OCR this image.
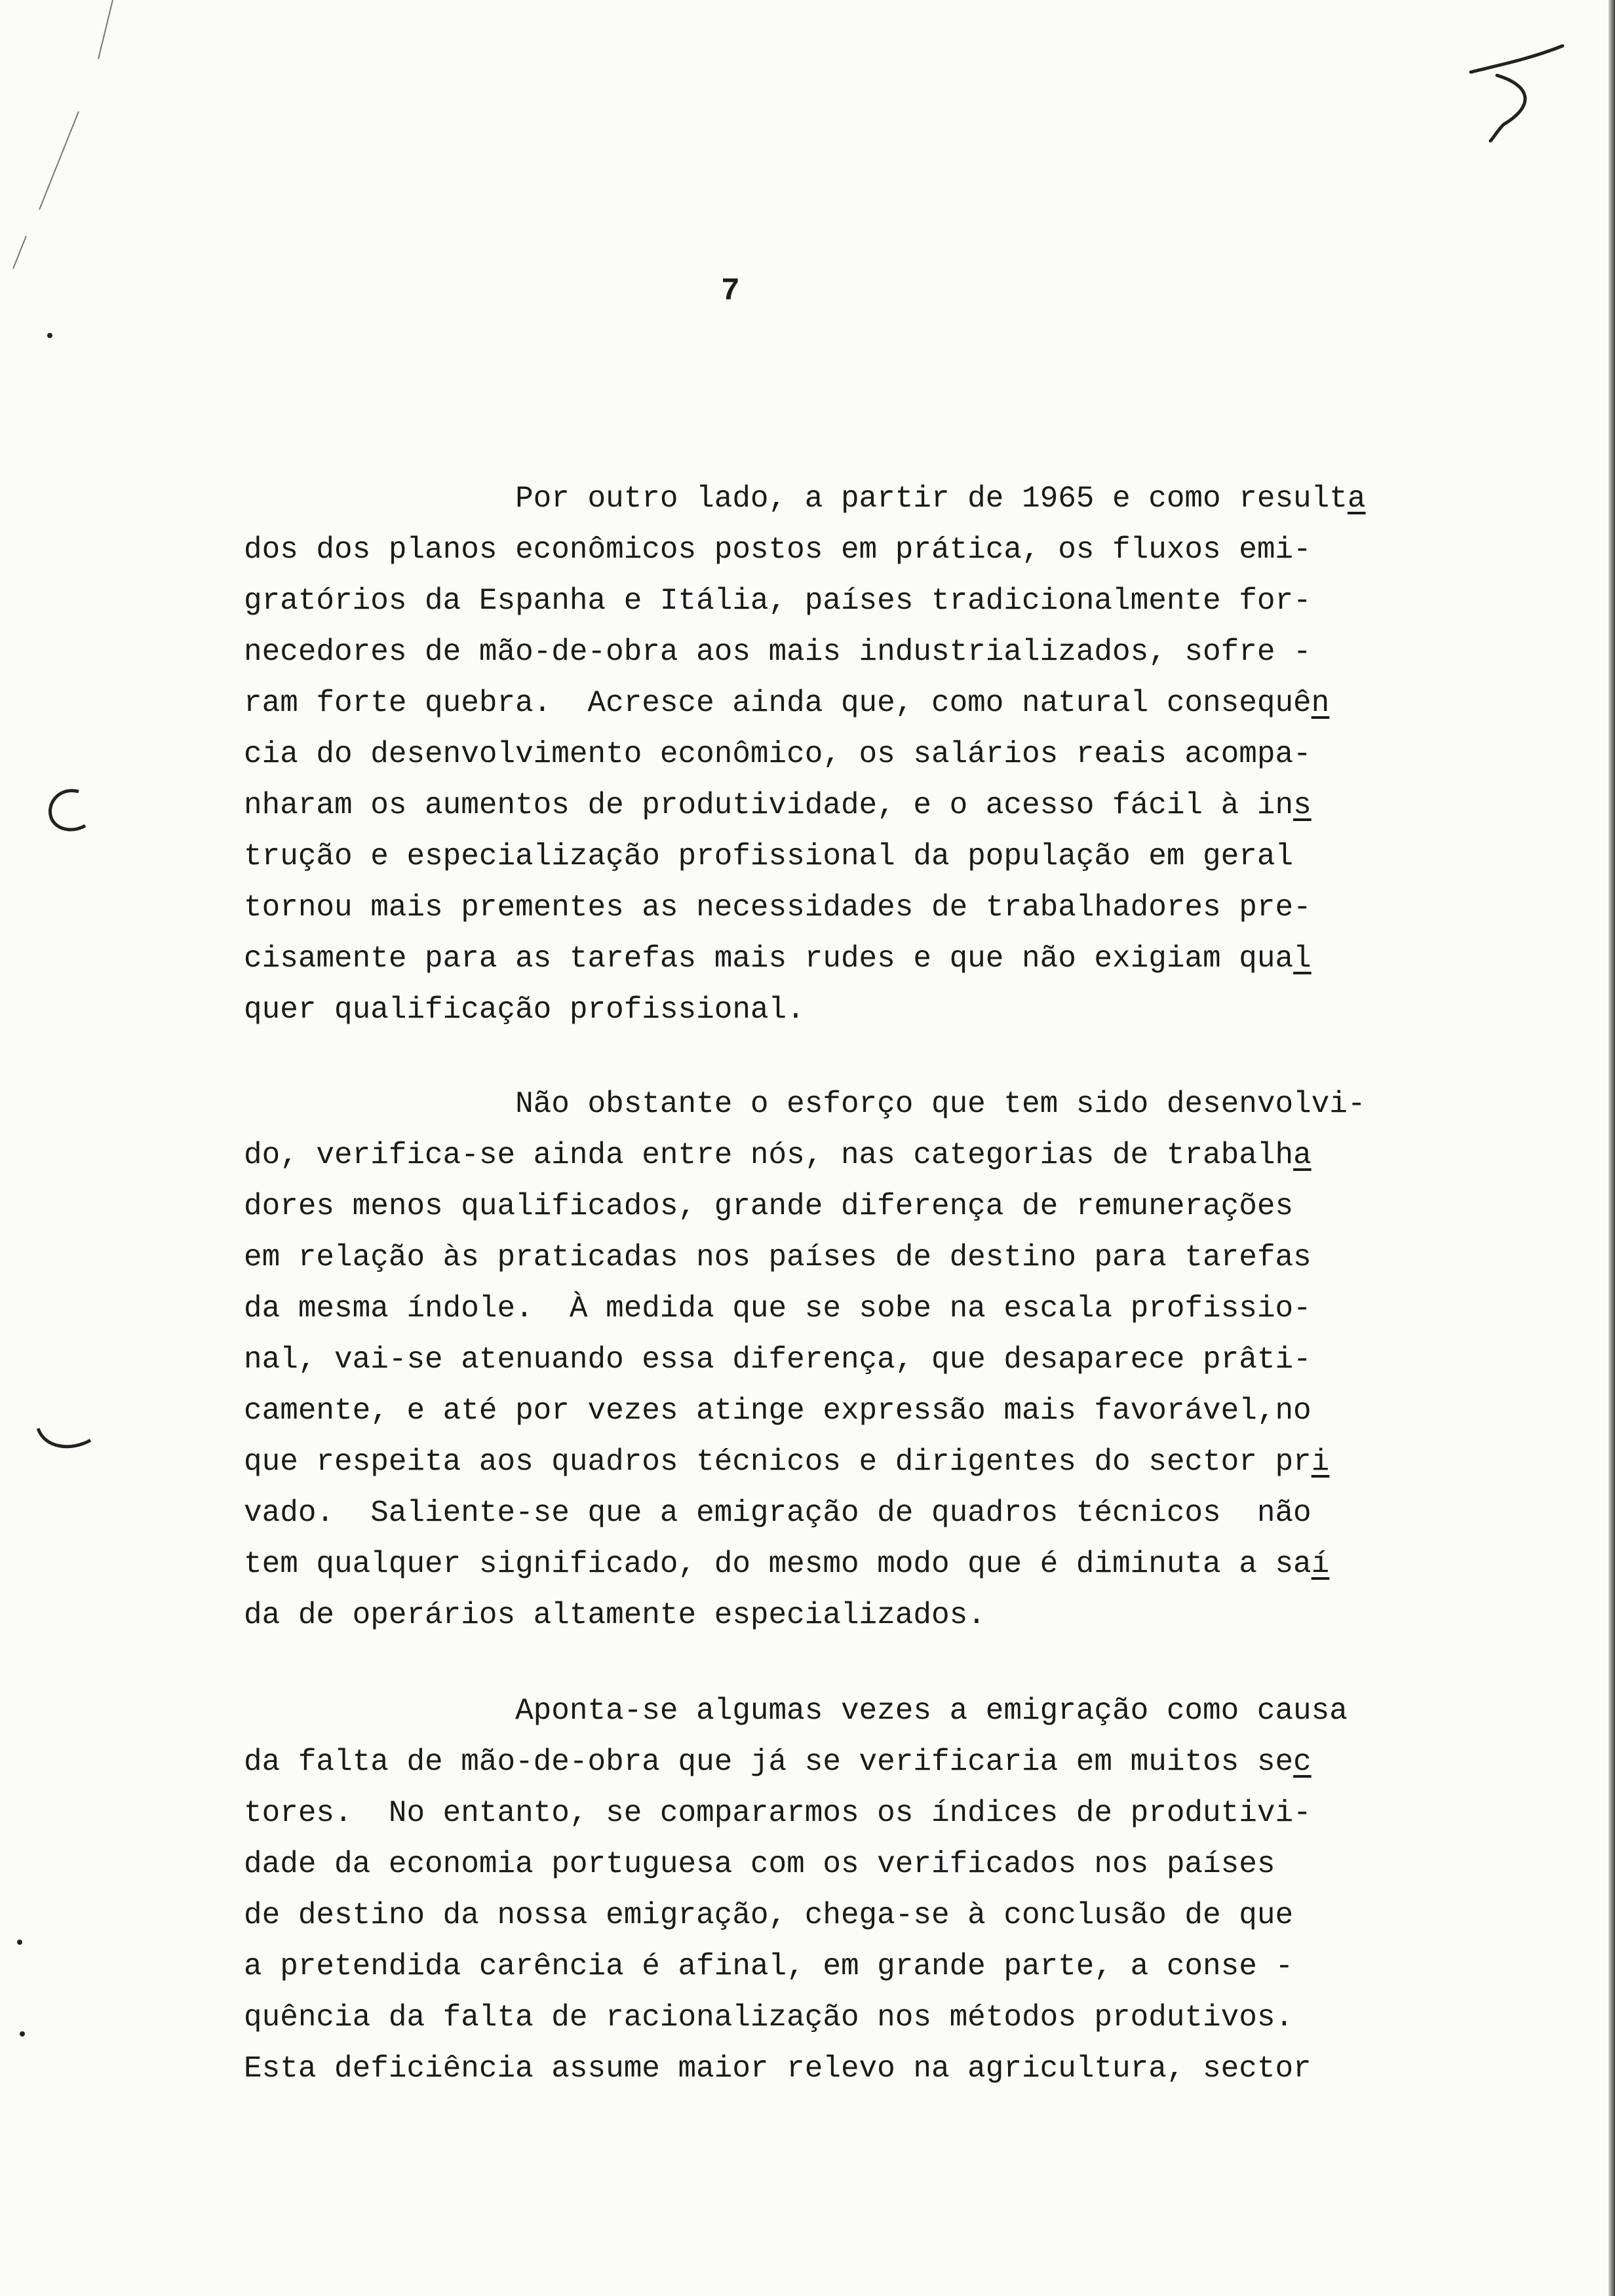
7
Por outro lado, a partir de 1965 e como resulta
dos dos planos econômicos postos em prática, os fluxos emi-
gratórios da Espanha e Itália, países tradicionalmente for-
necedores de mão-de-obra aos mais industrializados, sofre -
ram forte quebra.  Acresce ainda que, como natural consequên
cia do desenvolvimento econômico, os salários reais acompa-
nharam os aumentos de produtividade, e o acesso fácil à ins
trução e especialização profissional da população em geral
tornou mais prementes as necessidades de trabalhadores pre-
cisamente para as tarefas mais rudes e que não exigiam qual
quer qualificação profissional.
Não obstante o esforço que tem sido desenvolvi-
do, verifica-se ainda entre nós, nas categorias de trabalha
dores menos qualificados, grande diferença de remunerações
em relação às praticadas nos países de destino para tarefas
da mesma índole.  À medida que se sobe na escala profissio-
nal, vai-se atenuando essa diferença, que desaparece prâti-
camente, e até por vezes atinge expressão mais favorável,no
que respeita aos quadros técnicos e dirigentes do sector pri
vado.  Saliente-se que a emigração de quadros técnicos  não
tem qualquer significado, do mesmo modo que é diminuta a saí
da de operários altamente especializados.
Aponta-se algumas vezes a emigração como causa
da falta de mão-de-obra que já se verificaria em muitos sec
tores.  No entanto, se compararmos os índices de produtivi-
dade da economia portuguesa com os verificados nos países
de destino da nossa emigração, chega-se à conclusão de que
a pretendida carência é afinal, em grande parte, a conse -
quência da falta de racionalização nos métodos produtivos.
Esta deficiência assume maior relevo na agricultura, sector
